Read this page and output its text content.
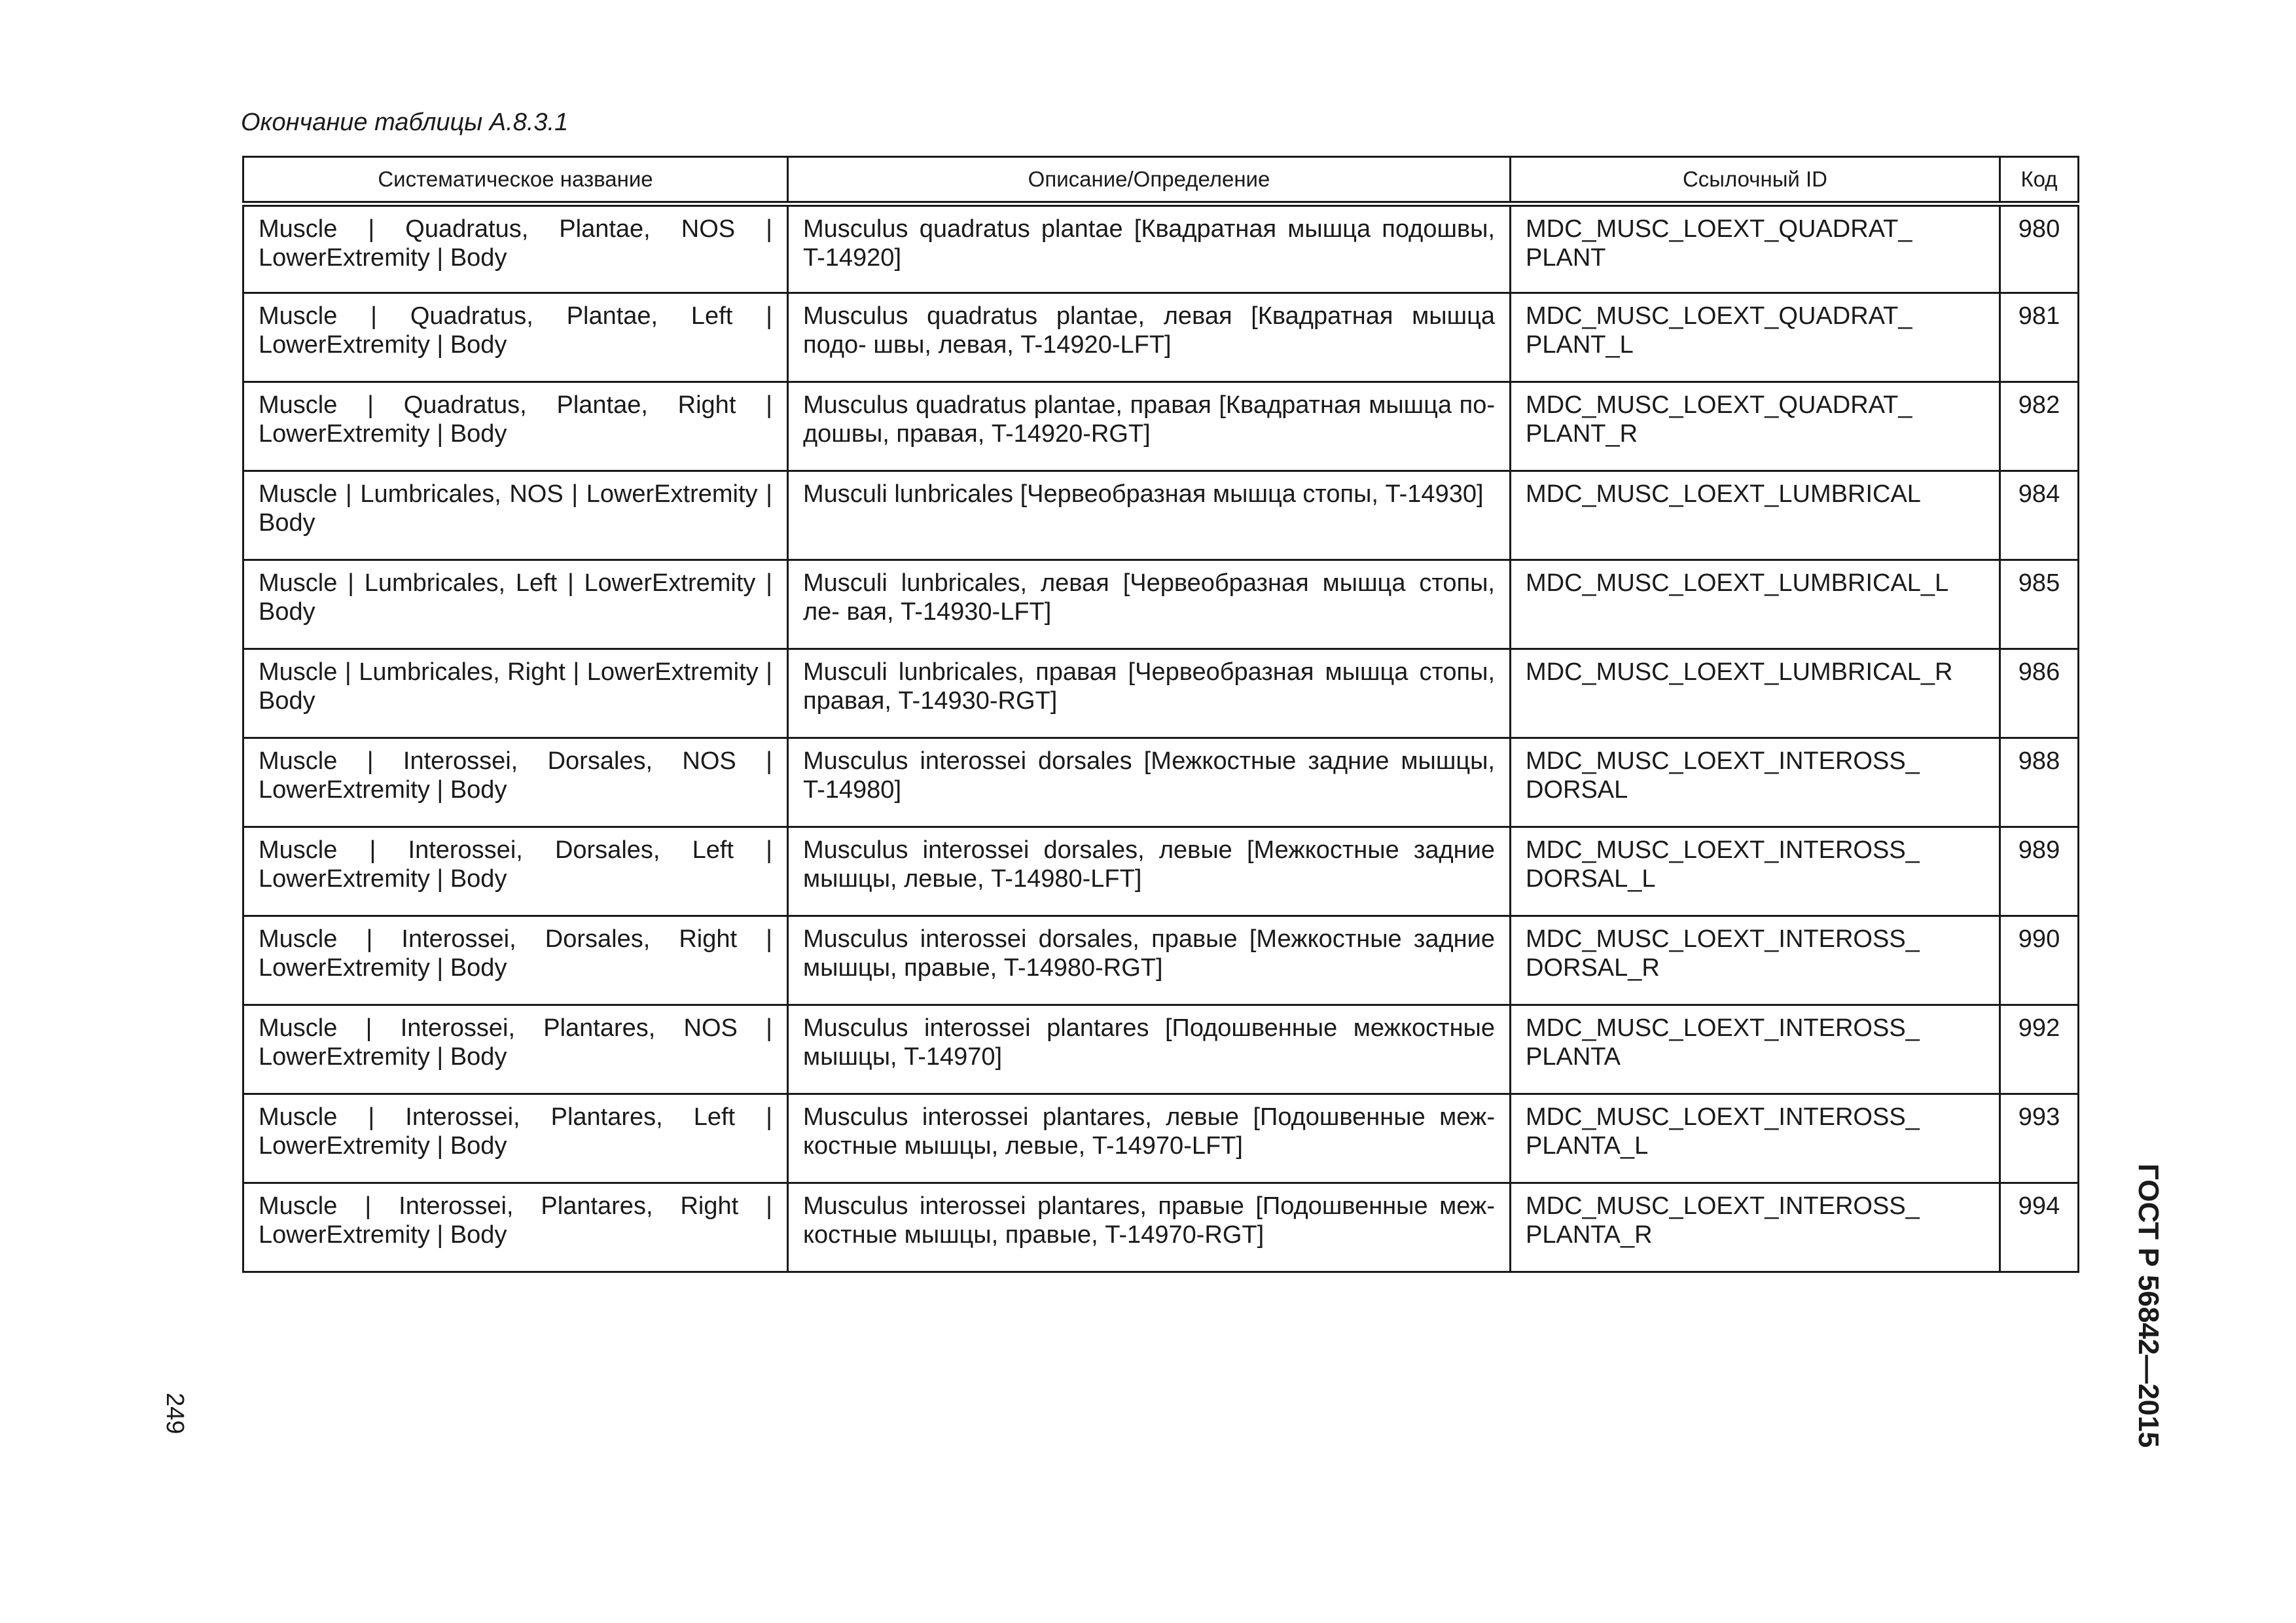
Окончание таблицы А.8.3.1
Систематическое название	Описание/Определение	Ссылочный ID	Код
Muscle | Quadratus, Plantae, NOS | LowerExtremity | Body	Musculus quadratus plantae [Квадратная мышца подошвы, T-14920]	MDC_MUSC_LOEXT_QUADRAT_ PLANT	980
Muscle | Quadratus, Plantae, Left | LowerExtremity | Body	Musculus quadratus plantae, левая [Квадратная мышца подо- швы, левая, T-14920-LFT]	MDC_MUSC_LOEXT_QUADRAT_ PLANT_L	981
Muscle | Quadratus, Plantae, Right | LowerExtremity | Body	Musculus quadratus plantae, правая [Квадратная мышца по- дошвы, правая, T-14920-RGT]	MDC_MUSC_LOEXT_QUADRAT_ PLANT_R	982
Muscle | Lumbricales, NOS | LowerExtremity | Body	Musculi lunbricales [Червеобразная мышца стопы, T-14930]	MDC_MUSC_LOEXT_LUMBRICAL	984
Muscle | Lumbricales, Left | LowerExtremity | Body	Musculi lunbricales, левая [Червеобразная мышца стопы, ле- вая, T-14930-LFT]	MDC_MUSC_LOEXT_LUMBRICAL_L	985
Muscle | Lumbricales, Right | LowerExtremity | Body	Musculi lunbricales, правая [Червеобразная мышца стопы, правая, T-14930-RGT]	MDC_MUSC_LOEXT_LUMBRICAL_R	986
Muscle | Interossei, Dorsales, NOS | LowerExtremity | Body	Musculus interossei dorsales [Межкостные задние мышцы, T-14980]	MDC_MUSC_LOEXT_INTEROSS_ DORSAL	988
Muscle | Interossei, Dorsales, Left | LowerExtremity | Body	Musculus interossei dorsales, левые [Межкостные задние мышцы, левые, T-14980-LFT]	MDC_MUSC_LOEXT_INTEROSS_ DORSAL_L	989
Muscle | Interossei, Dorsales, Right | LowerExtremity | Body	Musculus interossei dorsales, правые [Межкостные задние мышцы, правые, T-14980-RGT]	MDC_MUSC_LOEXT_INTEROSS_ DORSAL_R	990
Muscle | Interossei, Plantares, NOS | LowerExtremity | Body	Musculus interossei plantares [Подошвенные межкостные мышцы, T-14970]	MDC_MUSC_LOEXT_INTEROSS_ PLANTA	992
Muscle | Interossei, Plantares, Left | LowerExtremity | Body	Musculus interossei plantares, левые [Подошвенные меж- костные мышцы, левые, T-14970-LFT]	MDC_MUSC_LOEXT_INTEROSS_ PLANTA_L	993
Muscle | Interossei, Plantares, Right | LowerExtremity | Body	Musculus interossei plantares, правые [Подошвенные меж- костные мышцы, правые, T-14970-RGT]	MDC_MUSC_LOEXT_INTEROSS_ PLANTA_R	994
249	ГОСТ Р 56842—2015
